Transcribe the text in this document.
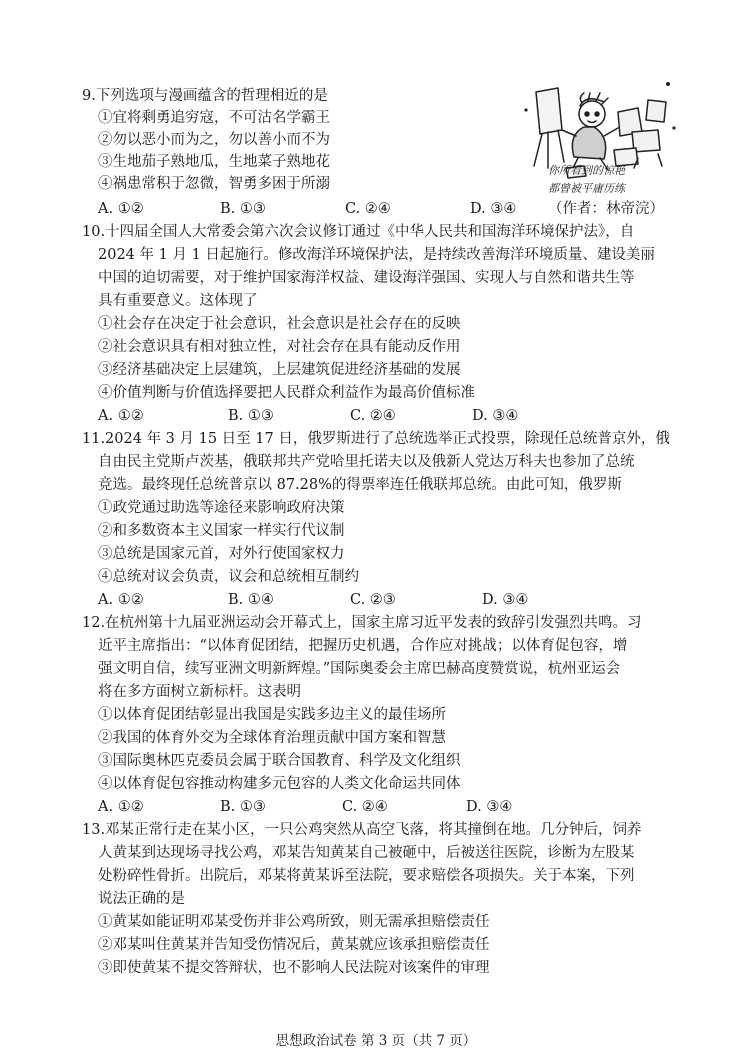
9.下列选项与漫画蕴含的哲理相近的是
①宜将剩勇追穷寇，不可沽名学霸王
②勿以恶小而为之，勿以善小而不为
③生地茄子熟地瓜，生地菜子熟地花
④祸患常积于忽微，智勇多困于所溺
A. ①②	B. ①③	C. ②④	D. ③④ （作者：林帝浣）
你所看到的惊艳
都曾被平庸历练
10.十四届全国人大常委会第六次会议修订通过《中华人民共和国海洋环境保护法》，自
2024 年 1 月 1 日起施行。修改海洋环境保护法，是持续改善海洋环境质量、建设美丽
中国的迫切需要，对于维护国家海洋权益、建设海洋强国、实现人与自然和谐共生等
具有重要意义。这体现了
①社会存在决定于社会意识，社会意识是社会存在的反映
②社会意识具有相对独立性，对社会存在具有能动反作用
③经济基础决定上层建筑，上层建筑促进经济基础的发展
④价值判断与价值选择要把人民群众利益作为最高价值标准
A. ①②	B. ①③	C. ②④	D. ③④
11.2024 年 3 月 15 日至 17 日，俄罗斯进行了总统选举正式投票，除现任总统普京外，俄
自由民主党斯卢茨基，俄联邦共产党哈里托诺夫以及俄新人党达万科夫也参加了总统
竞选。最终现任总统普京以 87.28%的得票率连任俄联邦总统。由此可知，俄罗斯
①政党通过助选等途径来影响政府决策
②和多数资本主义国家一样实行代议制
③总统是国家元首，对外行使国家权力
④总统对议会负责，议会和总统相互制约
A. ①②	B. ①④	C. ②③	D. ③④
12.在杭州第十九届亚洲运动会开幕式上，国家主席习近平发表的致辞引发强烈共鸣。习
近平主席指出：“以体育促团结，把握历史机遇，合作应对挑战；以体育促包容，增
强文明自信，续写亚洲文明新辉煌。”国际奥委会主席巴赫高度赞赏说，杭州亚运会
将在多方面树立新标杆。这表明
①以体育促团结彰显出我国是实践多边主义的最佳场所
②我国的体育外交为全球体育治理贡献中国方案和智慧
③国际奥林匹克委员会属于联合国教育、科学及文化组织
④以体育促包容推动构建多元包容的人类文化命运共同体
A. ①②	B. ①③	C. ②④	D. ③④
13.邓某正常行走在某小区，一只公鸡突然从高空飞落，将其撞倒在地。几分钟后，饲养
人黄某到达现场寻找公鸡，邓某告知黄某自己被砸中，后被送往医院，诊断为左股某
处粉碎性骨折。出院后，邓某将黄某诉至法院，要求赔偿各项损失。关于本案，下列
说法正确的是
①黄某如能证明邓某受伤并非公鸡所致，则无需承担赔偿责任
②邓某叫住黄某并告知受伤情况后，黄某就应该承担赔偿责任
③即使黄某不提交答辩状，也不影响人民法院对该案件的审理
思想政治试卷 第 3 页（共 7 页）
